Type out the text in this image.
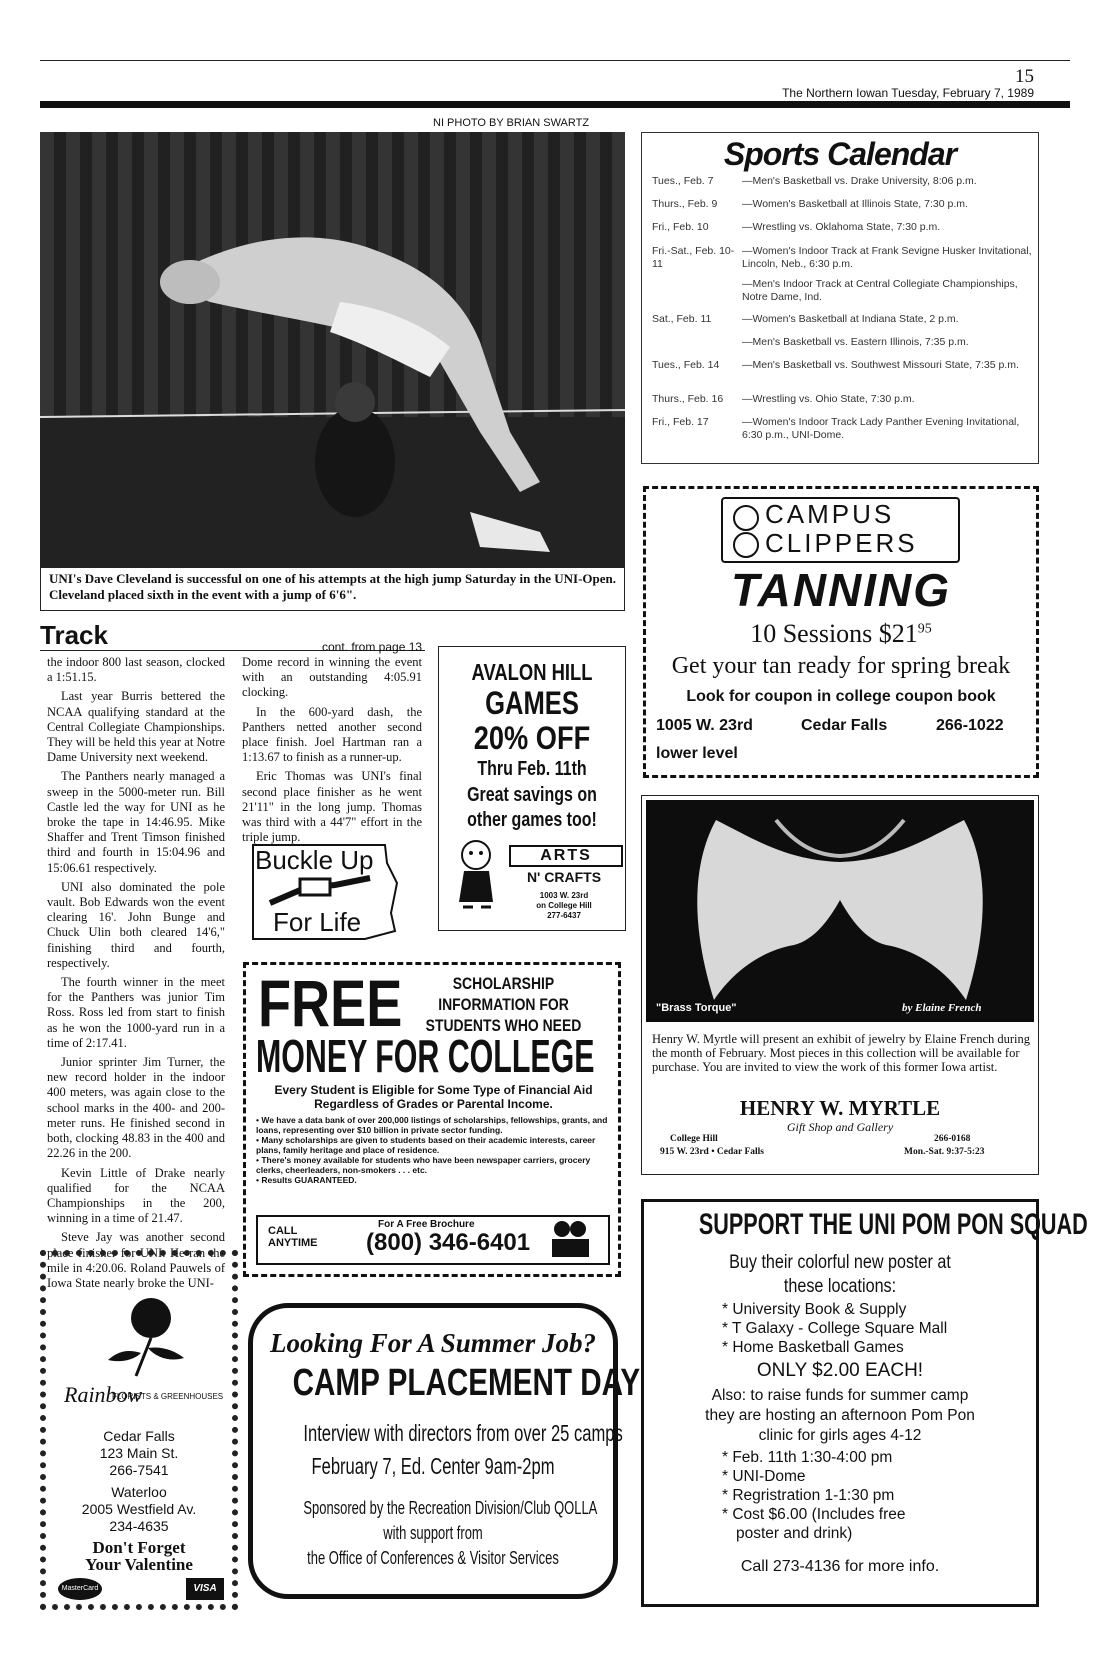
15
The Northern Iowan Tuesday, February 7, 1989
NI PHOTO BY BRIAN SWARTZ
UNI's Dave Cleveland is successful on one of his attempts at the high jump Saturday in the UNI-Open. Cleveland placed sixth in the event with a jump of 6'6".
Sports Calendar
Tues., Feb. 7	—Men's Basketball vs. Drake University, 8:06 p.m.
Thurs., Feb. 9	—Women's Basketball at Illinois State, 7:30 p.m.
Fri., Feb. 10	—Wrestling vs. Oklahoma State, 7:30 p.m.
Fri.-Sat., Feb. 10-11
—Women's Indoor Track at Frank Sevigne Husker Invitational, Lincoln, Neb., 6:30 p.m.
—Men's Indoor Track at Central Collegiate Championships, Notre Dame, Ind.
Sat., Feb. 11	—Women's Basketball at Indiana State, 2 p.m.
—Men's Basketball vs. Eastern Illinois, 7:35 p.m.
Tues., Feb. 14	—Men's Basketball vs. Southwest Missouri State, 7:35 p.m.
Thurs., Feb. 16	—Wrestling vs. Ohio State, 7:30 p.m.
Fri., Feb. 17	—Women's Indoor Track Lady Panther Evening Invitational, 6:30 p.m., UNI-Dome.
Track	cont. from page 13

the indoor 800 last season, clocked a 1:51.15.

Last year Burris bettered the NCAA qualifying standard at the Central Collegiate Championships. They will be held this year at Notre Dame University next weekend.

The Panthers nearly managed a sweep in the 5000-meter run. Bill Castle led the way for UNI as he broke the tape in 14:46.95. Mike Shaffer and Trent Timson finished third and fourth in 15:04.96 and 15:06.61 respectively.

UNI also dominated the pole vault. Bob Edwards won the event clearing 16'. John Bunge and Chuck Ulin both cleared 14'6," finishing third and fourth, respectively.

The fourth winner in the meet for the Panthers was junior Tim Ross. Ross led from start to finish as he won the 1000-yard run in a time of 2:17.41.

Junior sprinter Jim Turner, the new record holder in the indoor 400 meters, was again close to the school marks in the 400- and 200-meter runs. He finished second in both, clocking 48.83 in the 400 and 22.26 in the 200.

Kevin Little of Drake nearly qualified for the NCAA Championships in the 200, winning in a time of 21.47.

Steve Jay was another second place finisher for UNI. He ran the mile in 4:20.06. Roland Pauwels of Iowa State nearly broke the UNI-

Dome record in winning the event with an outstanding 4:05.91 clocking.

In the 600-yard dash, the Panthers netted another second place finish. Joel Hartman ran a 1:13.67 to finish as a runner-up.

Eric Thomas was UNI's final second place finisher as he went 21'11" in the long jump. Thomas was third with a 44'7" effort in the triple jump.

AVALON HILL
GAMES
20% OFF
Thru Feb. 11th
Great savings on
other games too!
ARTS
N' CRAFTS
1003 W. 23rd
on College Hill
277-6437
Buckle Up
For Life
CAMPUS
CLIPPERS
TANNING
10 Sessions $\$21^{95}$
Get your tan ready for spring break
Look for coupon in college coupon book
1005 W. 23rd	Cedar Falls	266-1022
lower level
FREE	SCHOLARSHIP INFORMATION FOR STUDENTS WHO NEED
MONEY FOR COLLEGE
Every Student is Eligible for Some Type of Financial Aid Regardless of Grades or Parental Income.
• We have a data bank of over 200,000 listings of scholarships, fellowships, grants, and loans, representing over $10 billion in private sector funding.
• Many scholarships are given to students based on their academic interests, career plans, family heritage and place of residence.
• There's money available for students who have been newspaper carriers, grocery clerks, cheerleaders, non-smokers . . . etc.
• Results GUARANTEED.
CALL ANYTIME
For A Free Brochure
(800) 346-6401
"Brass Torque"	by Elaine French
Henry W. Myrtle will present an exhibit of jewelry by Elaine French during the month of February. Most pieces in this collection will be available for purchase. You are invited to view the work of this former Iowa artist.
HENRY W. MYRTLE
Gift Shop and Gallery
College Hill
915 W. 23rd • Cedar Falls
266-0168
Mon.-Sat. 9:37-5:23
Rainbow
FLORISTS & GREENHOUSES
Cedar Falls
123 Main St.
266-7541
Waterloo
2005 Westfield Av.
234-4635
Don't Forget
Your Valentine
MasterCard	VISA
Looking For A Summer Job?
CAMP PLACEMENT DAY
Interview with directors from over 25 camps
February 7, Ed. Center 9am-2pm
Sponsored by the Recreation Division/Club QOLLA
with support from
the Office of Conferences & Visitor Services
SUPPORT THE UNI POM PON SQUAD
Buy their colorful new poster at
these locations:
* University Book & Supply
* T Galaxy - College Square Mall
* Home Basketball Games
ONLY $2.00 EACH!
Also: to raise funds for summer camp
they are hosting an afternoon Pom Pon
clinic for girls ages 4-12
* Feb. 11th 1:30-4:00 pm
* UNI-Dome
* Regristration 1-1:30 pm
* Cost $6.00 (Includes free
poster and drink)
Call 273-4136 for more info.
